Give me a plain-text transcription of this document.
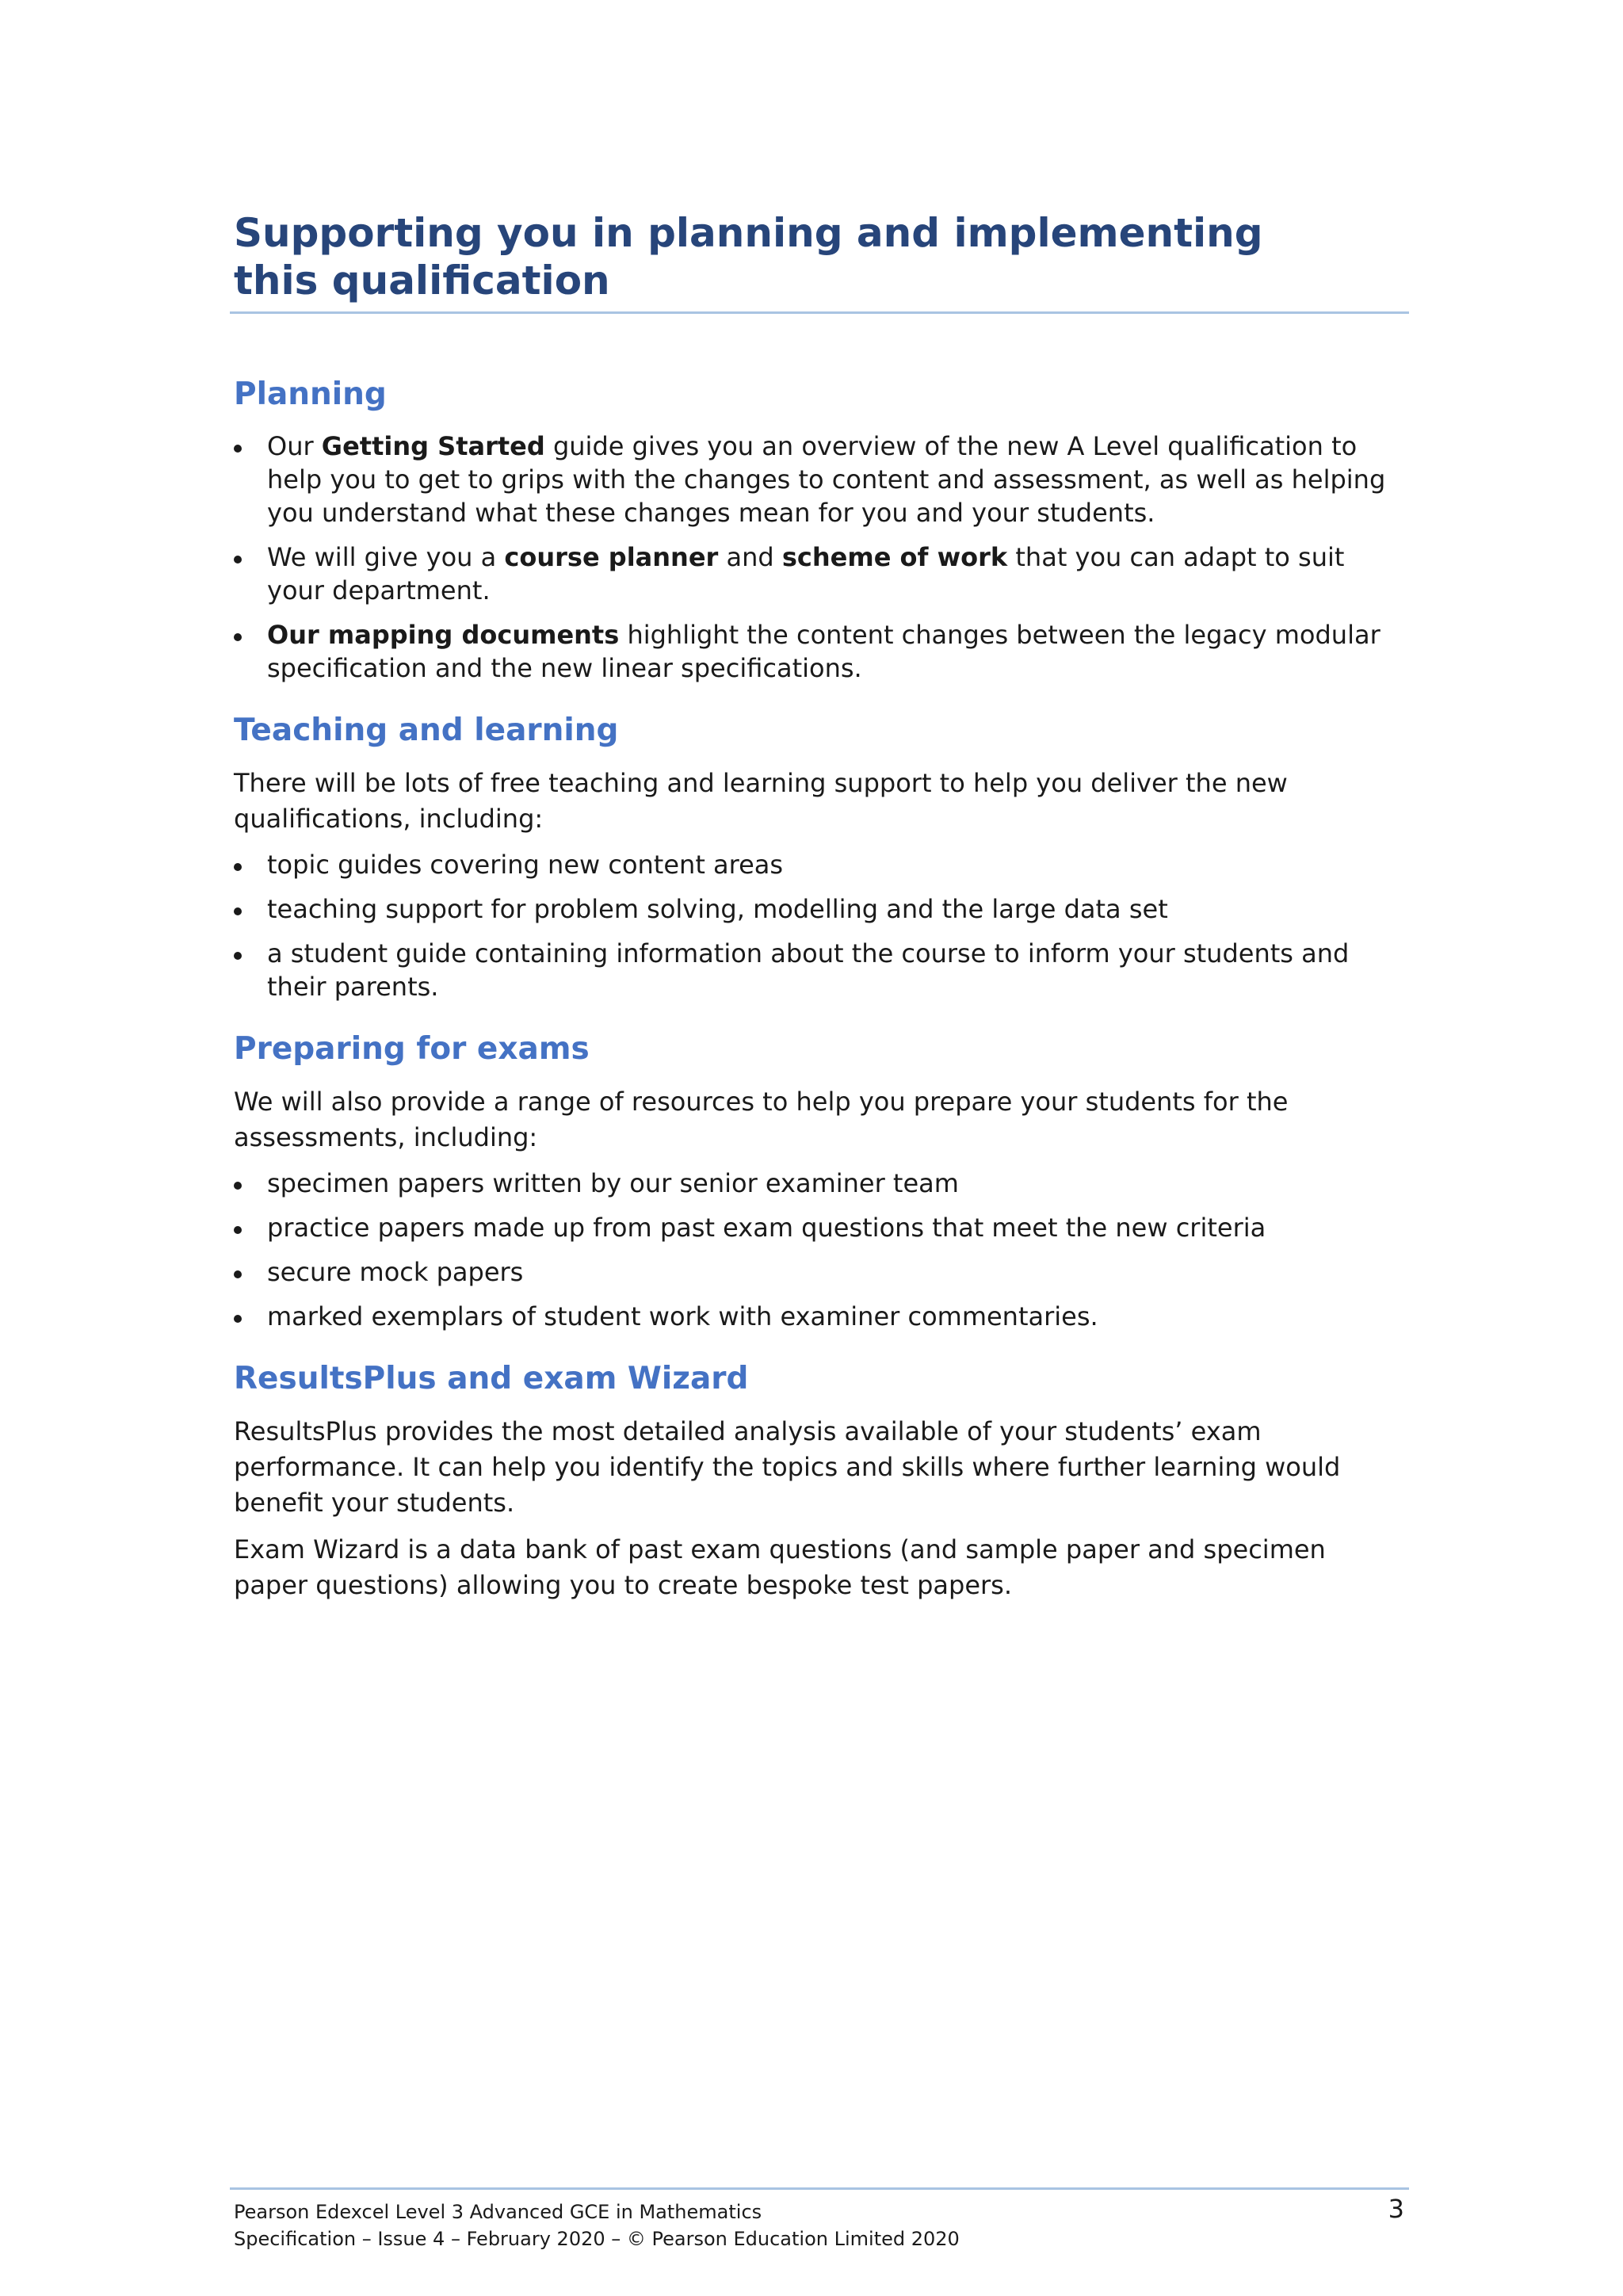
Supporting you in planning and implementing
this qualification
Planning
Our Getting Started guide gives you an overview of the new A Level qualification to help you to get to grips with the changes to content and assessment, as well as helping you understand what these changes mean for you and your students.
We will give you a course planner and scheme of work that you can adapt to suit your department.
Our mapping documents highlight the content changes between the legacy modular specification and the new linear specifications.
Teaching and learning

There will be lots of free teaching and learning support to help you deliver the new qualifications, including:

topic guides covering new content areas
teaching support for problem solving, modelling and the large data set
a student guide containing information about the course to inform your students and their parents.
Preparing for exams

We will also provide a range of resources to help you prepare your students for the assessments, including:

specimen papers written by our senior examiner team
practice papers made up from past exam questions that meet the new criteria
secure mock papers
marked exemplars of student work with examiner commentaries.
ResultsPlus and exam Wizard

ResultsPlus provides the most detailed analysis available of your students’ exam performance. It can help you identify the topics and skills where further learning would benefit your students.

Exam Wizard is a data bank of past exam questions (and sample paper and specimen paper questions) allowing you to create bespoke test papers.

Pearson Edexcel Level 3 Advanced GCE in Mathematics
Specification – Issue 4 – February 2020 – © Pearson Education Limited 2020
3
